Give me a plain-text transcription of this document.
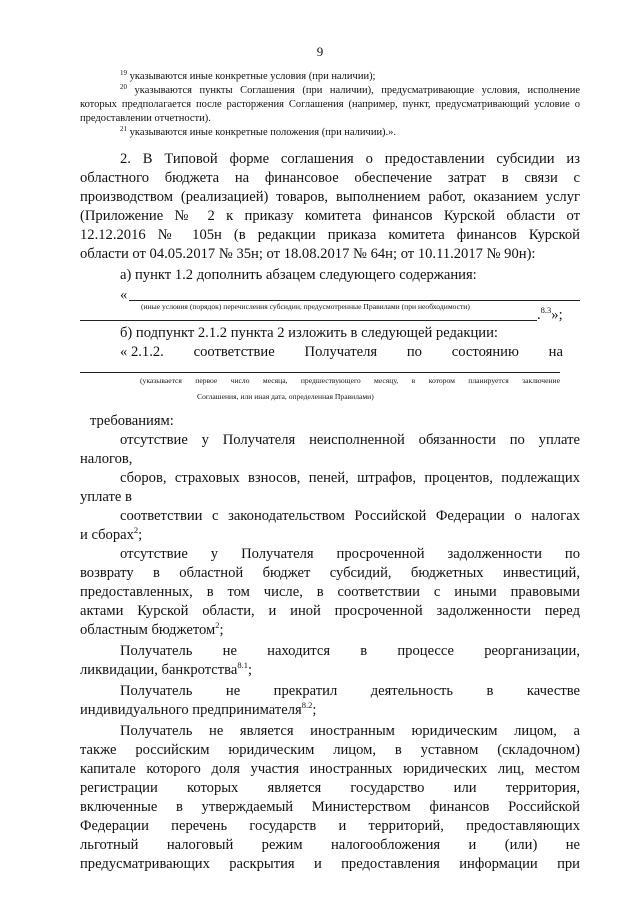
9
$^{19}$ указываются иные конкретные условия (при наличии);
$^{20}$ указываются пункты Соглашения (при наличии), предусматривающие условия, исполнение которых предполагается после расторжения Соглашения (например, пункт, предусматривающий условие о предоставлении отчетности).
$^{21}$ указываются иные конкретные положения (при наличии).».
2. В Типовой форме соглашения о предоставлении субсидии из
областного бюджета на финансовое обеспечение затрат в связи с
производством (реализацией) товаров, выполнением работ, оказанием услуг
(Приложение № 2 к приказу комитета финансов Курской области от
12.12.2016 № 105н (в редакции приказа комитета финансов Курской
области от 04.05.2017 № 35н; от 18.08.2017 № 64н; от 10.11.2017 № 90н):
а) пункт 1.2 дополнить абзацем следующего содержания:
«
(иные условия (порядок) перечисления субсидии, предусмотренные Правилами (при необходимости)
.$^{8.3}$»;
б) подпункт 2.1.2 пункта 2 изложить в следующей редакции:
« 2.1.2. соответствие Получателя по состоянию на
(указывается первое число месяца, предшествующего месяцу, в котором планируется заключение
Соглашения, или иная дата, определенная Правилами)
требованиям:
отсутствие у Получателя неисполненной обязанности по уплате
налогов,
сборов, страховых взносов, пеней, штрафов, процентов, подлежащих
уплате в
соответствии с законодательством Российской Федерации о налогах
и сборах$^2$;
отсутствие у Получателя просроченной задолженности по
возврату в областной бюджет субсидий, бюджетных инвестиций,
предоставленных, в том числе, в соответствии с иными правовыми
актами Курской области, и иной просроченной задолженности перед
областным бюджетом$^2$;
Получатель не находится в процессе реорганизации,
ликвидации, банкротства$^{8.1}$;
Получатель не прекратил деятельность в качестве
индивидуального предпринимателя$^{8.2}$;
Получатель не является иностранным юридическим лицом, а
также российским юридическим лицом, в уставном (складочном)
капитале которого доля участия иностранных юридических лиц, местом
регистрации которых является государство или территория,
включенные в утверждаемый Министерством финансов Российской
Федерации перечень государств и территорий, предоставляющих
льготный налоговый режим налогообложения и (или) не
предусматривающих раскрытия и предоставления информации при
